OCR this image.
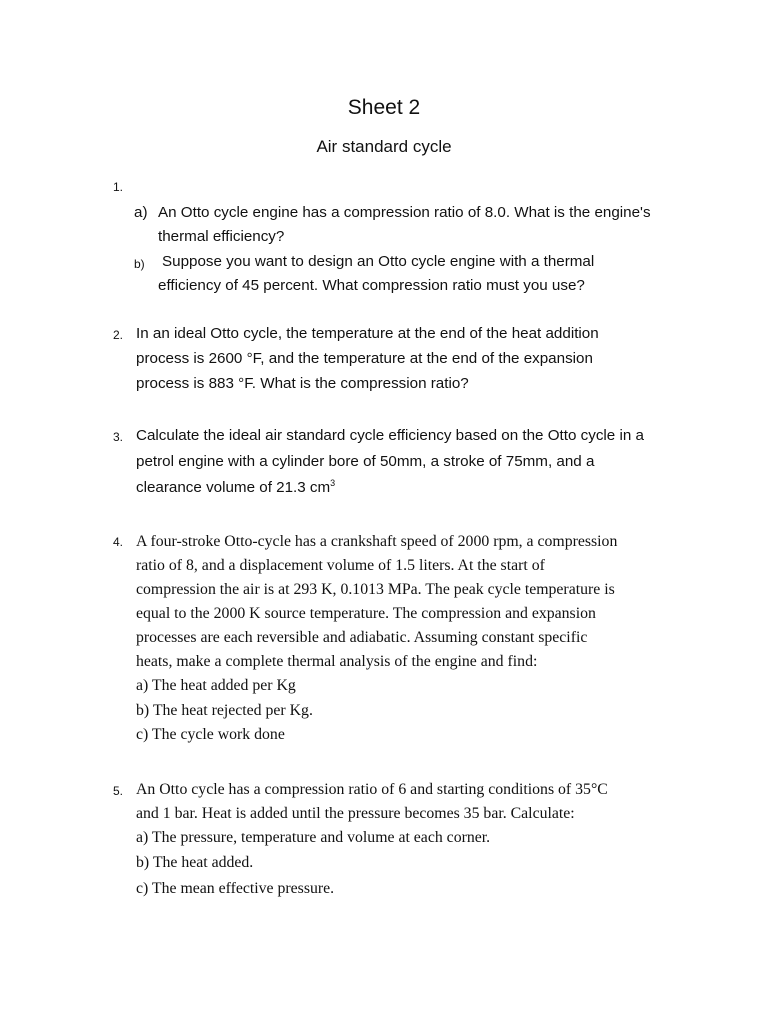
Sheet 2
Air standard cycle
1.
a) An Otto cycle engine has a compression ratio of 8.0. What is the engine's
thermal efficiency?
b) Suppose you want to design an Otto cycle engine with a thermal
efficiency of 45 percent. What compression ratio must you use?
2. In an ideal Otto cycle, the temperature at the end of the heat addition
process is 2600 °F, and the temperature at the end of the expansion
process is 883 °F. What is the compression ratio?
3. Calculate the ideal air standard cycle efficiency based on the Otto cycle in a
petrol engine with a cylinder bore of 50mm, a stroke of 75mm, and a
clearance volume of 21.3 $cm^3$
4. A four-stroke Otto-cycle has a crankshaft speed of 2000 rpm, a compression
ratio of 8, and a displacement volume of 1.5 liters. At the start of
compression the air is at 293 K, 0.1013 MPa. The peak cycle temperature is
equal to the 2000 K source temperature. The compression and expansion
processes are each reversible and adiabatic. Assuming constant specific
heats, make a complete thermal analysis of the engine and find:
a) The heat added per Kg
b) The heat rejected per Kg.
c) The cycle work done
5. An Otto cycle has a compression ratio of 6 and starting conditions of 35°C
and 1 bar. Heat is added until the pressure becomes 35 bar. Calculate:
a) The pressure, temperature and volume at each corner.
b) The heat added.
c) The mean effective pressure.
